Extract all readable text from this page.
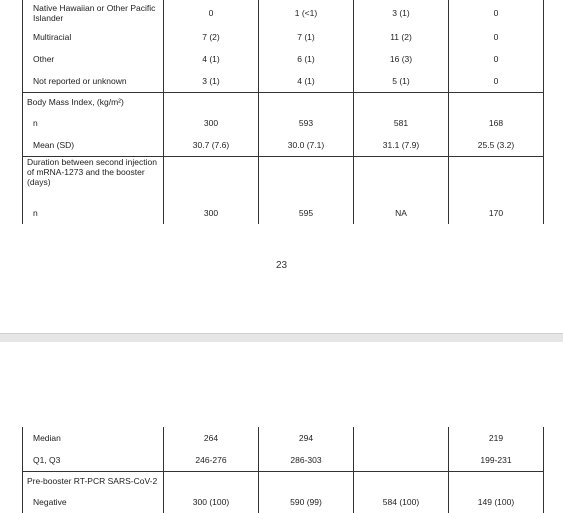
Native Hawaiian or Other Pacific Islander	0	1 (<1)	3 (1)	0
Multiracial	7 (2)	7 (1)	11 (2)	0
Other	4 (1)	6 (1)	16 (3)	0
Not reported or unknown	3 (1)	4 (1)	5 (1)	0
Body Mass Index, (kg/m²)				
n	300	593	581	168
Mean (SD)	30.7 (7.6)	30.0 (7.1)	31.1 (7.9)	25.5 (3.2)
Duration between second injection of mRNA-1273 and the booster (days)				
n	300	595	NA	170
23
Median	264	294		219
Q1, Q3	246-276	286-303		199-231
Pre-booster RT-PCR SARS-CoV-2				
Negative	300 (100)	590 (99)	584 (100)	149 (100)
